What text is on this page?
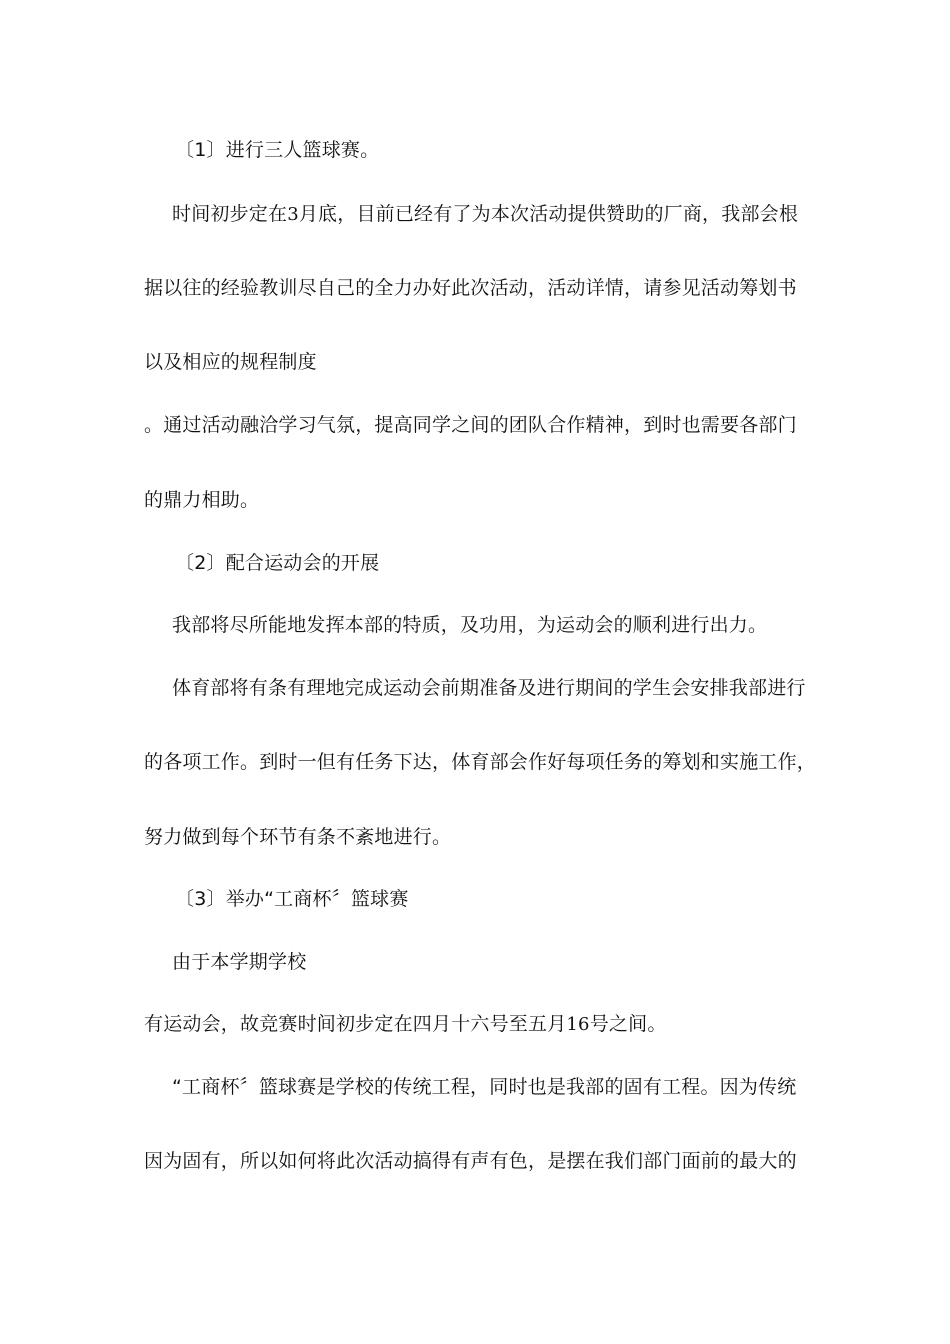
〔1〕进行三人篮球赛。
时间初步定在3月底，目前已经有了为本次活动提供赞助的厂商，我部会根
据以往的经验教训尽自己的全力办好此次活动，活动详情，请参见活动筹划书
以及相应的规程制度
。通过活动融洽学习气氛，提高同学之间的团队合作精神，到时也需要各部门
的鼎力相助。
〔2〕配合运动会的开展
我部将尽所能地发挥本部的特质，及功用，为运动会的顺利进行出力。
体育部将有条有理地完成运动会前期准备及进行期间的学生会安排我部进行
的各项工作。到时一但有任务下达，体育部会作好每项任务的筹划和实施工作，
努力做到每个环节有条不紊地进行。
〔3〕举办“工商杯〞篮球赛
由于本学期学校
有运动会，故竞赛时间初步定在四月十六号至五月16号之间。
“工商杯〞篮球赛是学校的传统工程，同时也是我部的固有工程。因为传统
因为固有，所以如何将此次活动搞得有声有色，是摆在我们部门面前的最大的
